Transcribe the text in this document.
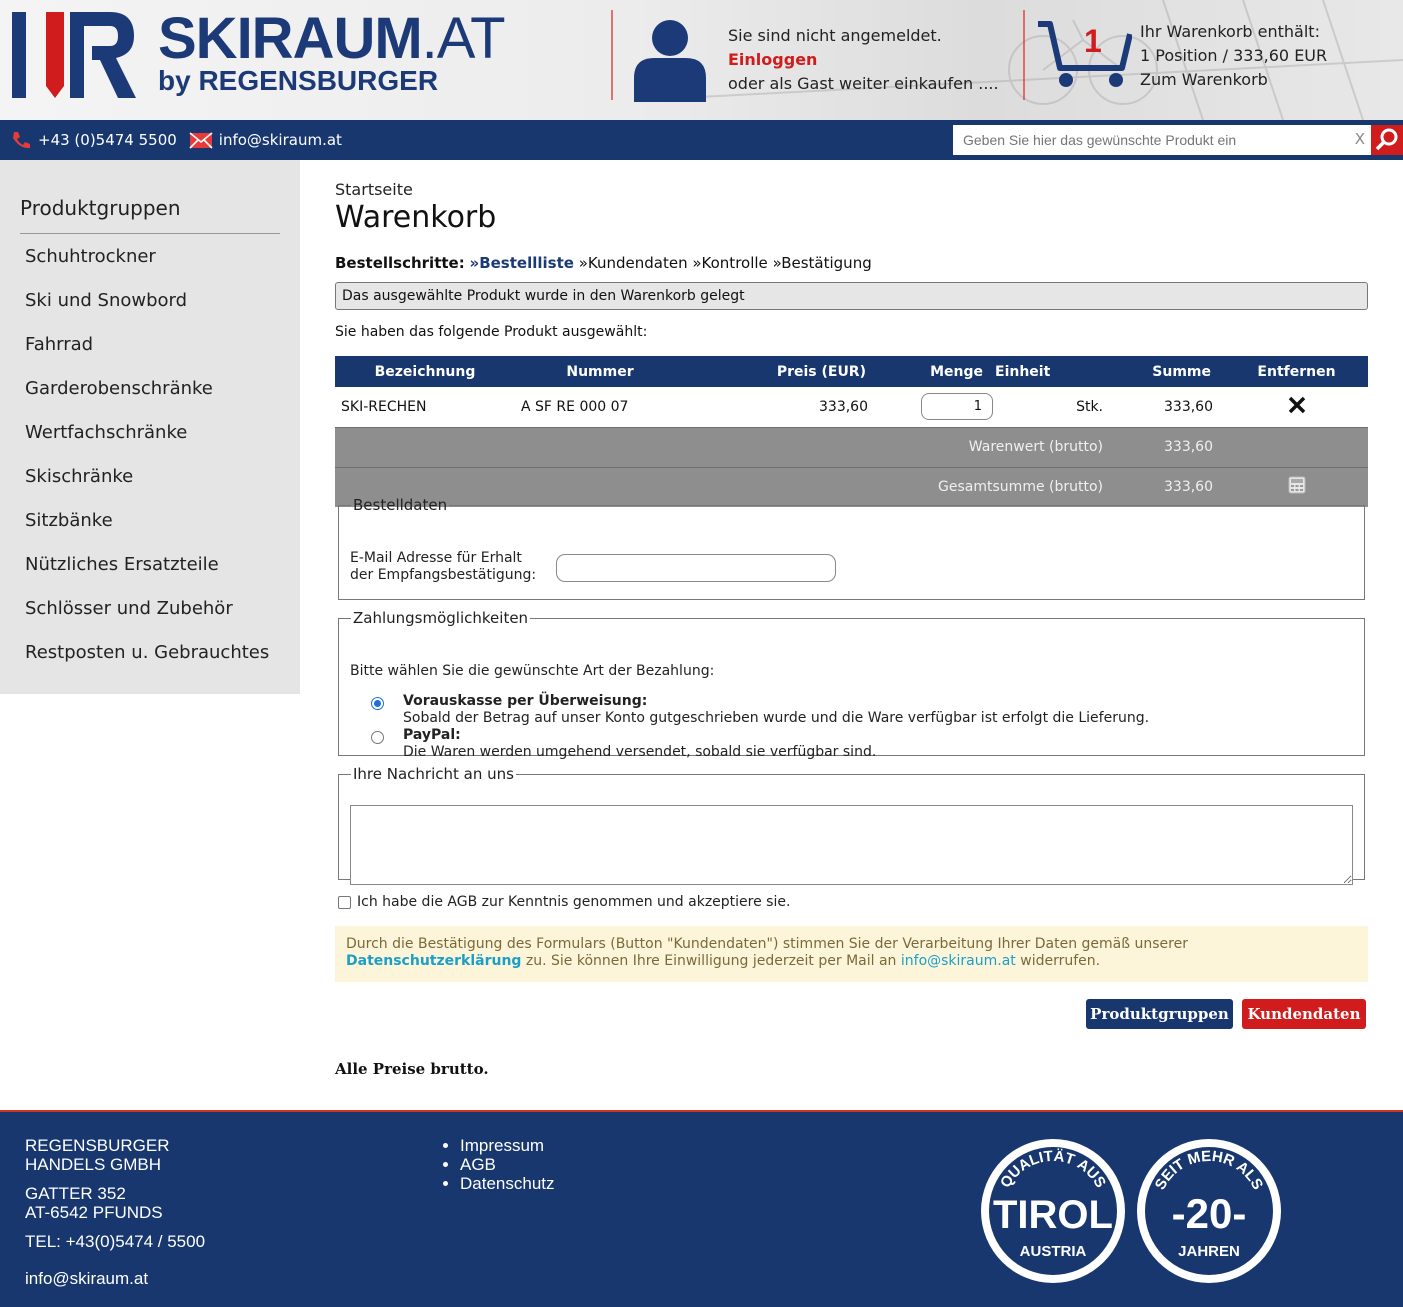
SKIRAUM.AT
by REGENSBURGER
Sie sind nicht angemeldet.
Einloggen
oder als Gast weiter einkaufen ....
1 Ihr Warenkorb enthält:
1 Position / 333,60 EUR
Zum Warenkorb
+43 (0)5474 5500	info@skiraum.at
Geben Sie hier das gewünschte Produkt ein	X
Produktgruppen
Schuhtrockner
Ski und Snowbord
Fahrrad
Garderobenschränke
Wertfachschränke
Skischränke
Sitzbänke
Nützliches Ersatzteile
Schlösser und Zubehör
Restposten u. Gebrauchtes
Startseite
Warenkorb
Bestellschritte: »Bestellliste »Kundendaten »Kontrolle »Bestätigung
Das ausgewählte Produkt wurde in den Warenkorb gelegt
Sie haben das folgende Produkt ausgewählt:
Bezeichnung	Nummer	Preis (EUR)	Menge	Einheit	Summe	Entfernen
SKI-RECHEN	A SF RE 000 07	333,60	1	Stk.	333,60	
Warenwert (brutto)					333,60	
Gesamtsumme (brutto)					333,60	
Bestelldaten
E-Mail Adresse für Erhalt
der Empfangsbestätigung:
Zahlungsmöglichkeiten
Bitte wählen Sie die gewünschte Art der Bezahlung:
Vorauskasse per Überweisung:
Sobald der Betrag auf unser Konto gutgeschrieben wurde und die Ware verfügbar ist erfolgt die Lieferung.
PayPal:
Die Waren werden umgehend versendet, sobald sie verfügbar sind.
Ihre Nachricht an uns
Ich habe die AGB zur Kenntnis genommen und akzeptiere sie.
Durch die Bestätigung des Formulars (Button "Kundendaten") stimmen Sie der Verarbeitung Ihrer Daten gemäß unserer
Datenschutzerklärung zu. Sie können Ihre Einwilligung jederzeit per Mail an info@skiraum.at widerrufen.
Produktgruppen	Kundendaten
Alle Preise brutto.

REGENSBURGER
HANDELS GMBH

GATTER 352
AT-6542 PFUNDS

TEL: +43(0)5474 / 5500

info@skiraum.at

• Impressum
• AGB
• Datenschutz	QUALITÄT AUS
TIROL
AUSTRIA
SEIT MEHR ALS
-20-
JAHREN
